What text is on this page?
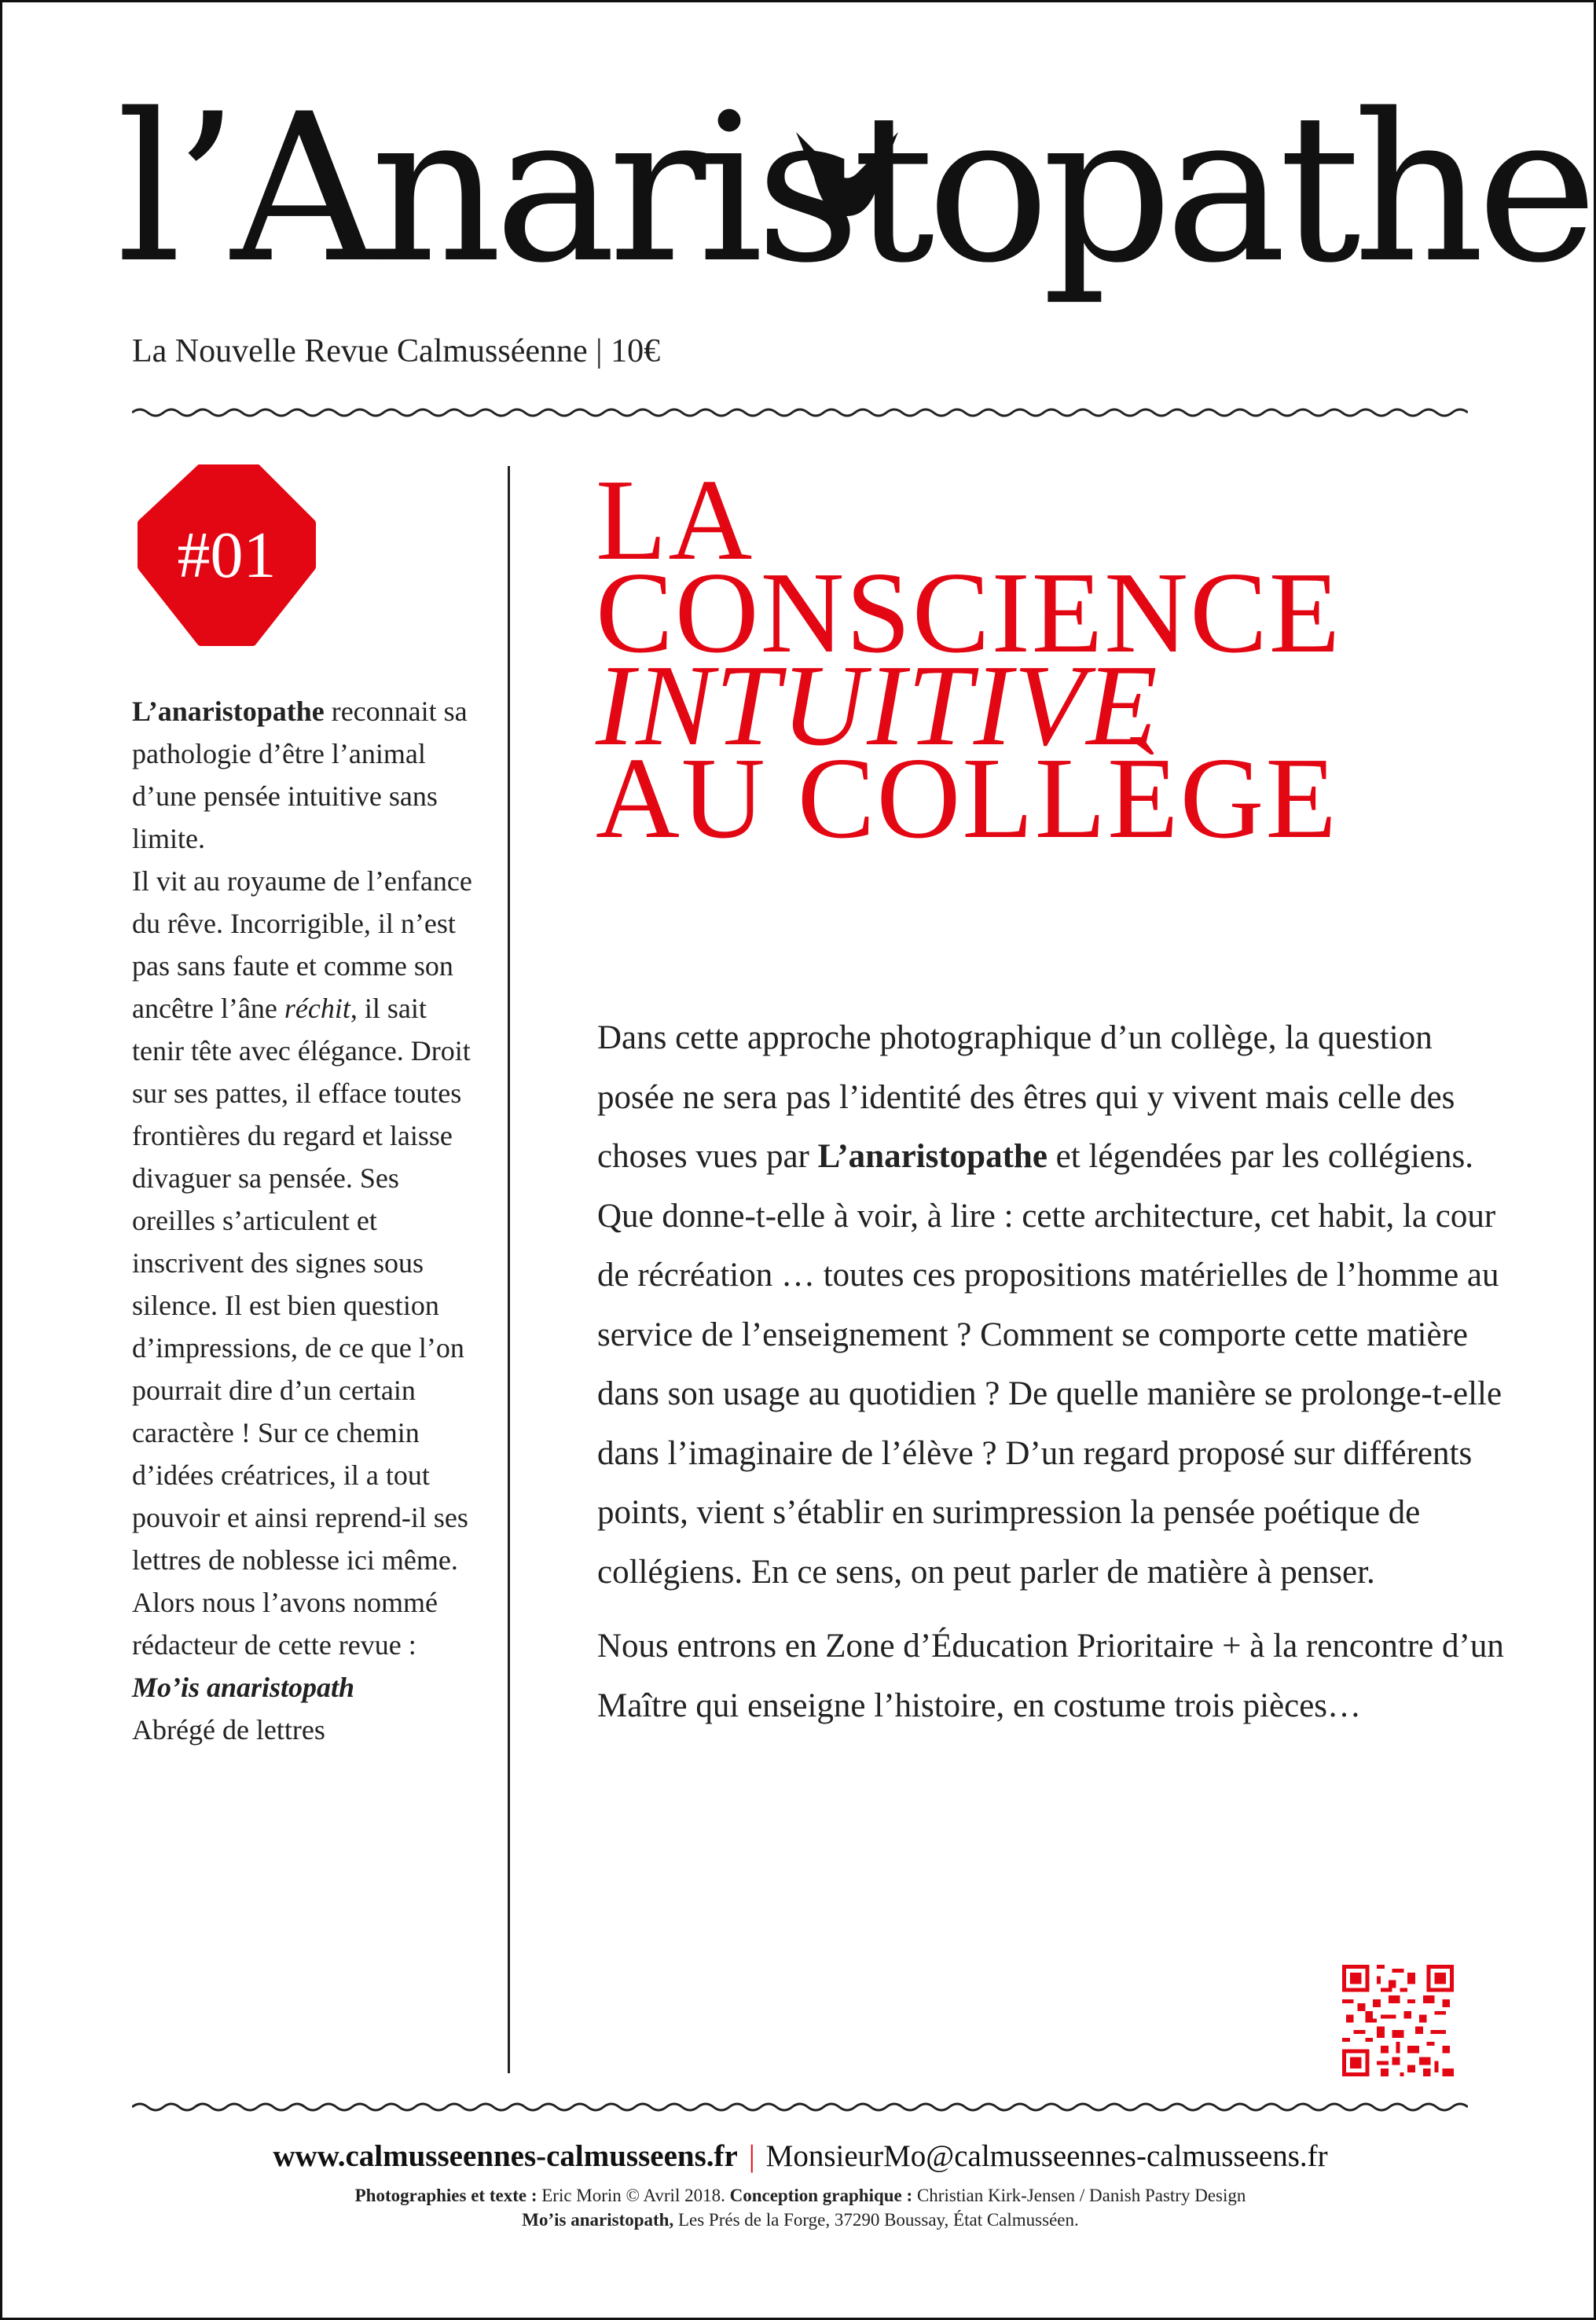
l’Anaristopathe
La Nouvelle Revue Calmusséenne | 10€
#01

L’anaristopathe reconnait sa pathologie d’être l’animal d’une pensée intuitive sans limite.

Il vit au royaume de l’enfance du rêve. Incorrigible, il n’est pas sans faute et comme son ancêtre l’âne réchit, il sait tenir tête avec élégance. Droit sur ses pattes, il efface toutes frontières du regard et laisse divaguer sa pensée. Ses oreilles s’articulent et inscrivent des signes sous silence. Il est bien question d’impressions, de ce que l’on pourrait dire d’un certain caractère ! Sur ce chemin d’idées créatrices, il a tout pouvoir et ainsi reprend-il ses lettres de noblesse ici même. Alors nous l’avons nommé rédacteur de cette revue :

Mo’is anaristopath

Abrégé de lettres

LA
CONSCIENCE
INTUITIVE
AU COLLÈGE

Dans cette approche photographique d’un collège, la question posée ne sera pas l’identité des êtres qui y vivent mais celle des choses vues par L’anaristopathe et légendées par les collégiens. Que donne-t-elle à voir, à lire : cette architecture, cet habit, la cour de récréation … toutes ces propositions matérielles de l’homme au service de l’enseignement ? Comment se comporte cette matière dans son usage au quotidien ? De quelle manière se prolonge-t-elle dans l’imaginaire de l’élève ? D’un regard proposé sur différents points, vient s’établir en surimpression la pensée poétique de collégiens. En ce sens, on peut parler de matière à penser.

Nous entrons en Zone d’Éducation Prioritaire + à la rencontre d’un Maître qui enseigne l’histoire, en costume trois pièces…

www.calmusseennes-calmusseens.fr | MonsieurMo@calmusseennes-calmusseens.fr
Photographies et texte : Eric Morin © Avril 2018. Conception graphique : Christian Kirk-Jensen / Danish Pastry Design
Mo’is anaristopath, Les Prés de la Forge, 37290 Boussay, État Calmusséen.
